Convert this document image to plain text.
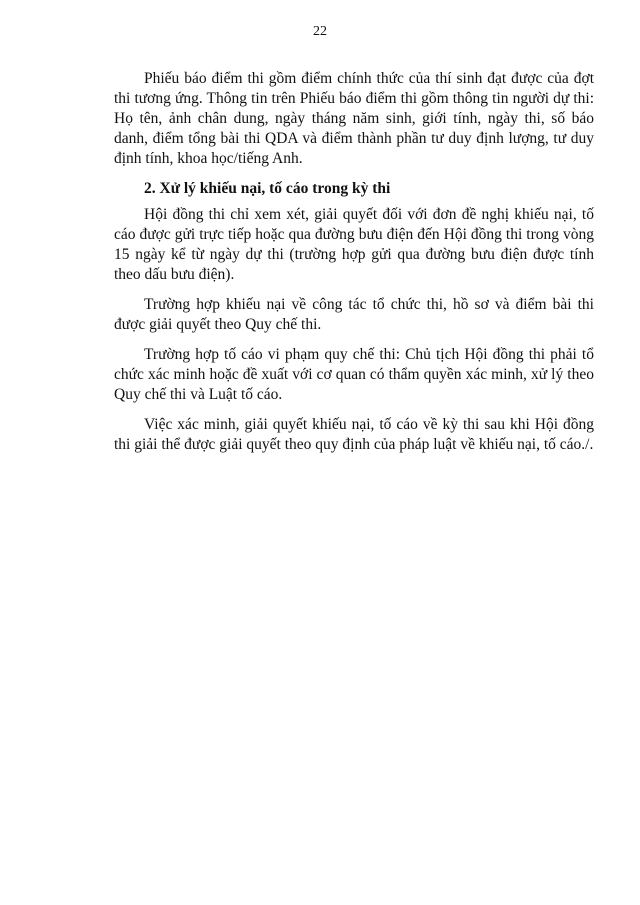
22

Phiếu báo điểm thi gồm điểm chính thức của thí sinh đạt được của đợt thi tương ứng. Thông tin trên Phiếu báo điểm thi gồm thông tin người dự thi: Họ tên, ảnh chân dung, ngày tháng năm sinh, giới tính, ngày thi, số báo danh, điểm tổng bài thi QDA và điểm thành phần tư duy định lượng, tư duy định tính, khoa học/tiếng Anh.

2. Xử lý khiếu nại, tố cáo trong kỳ thi

Hội đồng thi chỉ xem xét, giải quyết đối với đơn đề nghị khiếu nại, tố cáo được gửi trực tiếp hoặc qua đường bưu điện đến Hội đồng thi trong vòng 15 ngày kể từ ngày dự thi (trường hợp gửi qua đường bưu điện được tính theo dấu bưu điện).

Trường hợp khiếu nại về công tác tổ chức thi, hồ sơ và điểm bài thi được giải quyết theo Quy chế thi.

Trường hợp tố cáo vi phạm quy chế thi: Chủ tịch Hội đồng thi phải tổ chức xác minh hoặc đề xuất với cơ quan có thẩm quyền xác minh, xử lý theo Quy chế thi và Luật tố cáo.

Việc xác minh, giải quyết khiếu nại, tố cáo về kỳ thi sau khi Hội đồng thi giải thể được giải quyết theo quy định của pháp luật về khiếu nại, tố cáo./.
